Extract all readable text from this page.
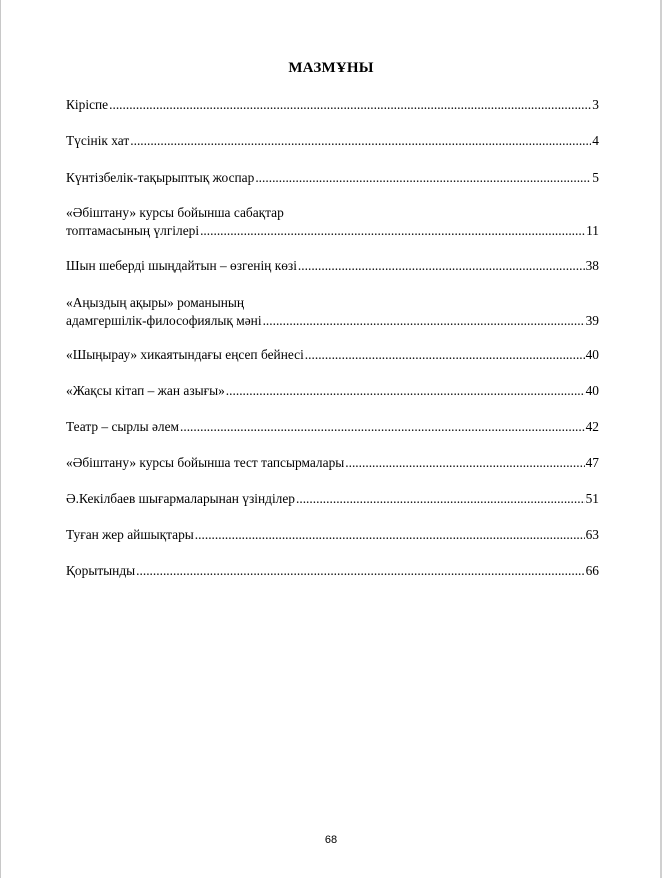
МАЗМҰНЫ
Кіріспе .....	3
Түсінік хат .....	4
Күнтізбелік-тақырыптық жоспар .....	5
«Әбіштану» курсы бойынша сабақтар
топтамасының үлгілері .....	11
Шын шеберді шыңдайтын – өзгенің көзі .....	38
«Аңыздың ақыры» романының
адамгершілік-философиялық мәні .....	39
«Шыңырау» хикаятындағы еңсеп бейнесі .....	40
«Жақсы кітап – жан азығы» .....	40
Театр – сырлы әлем .....	42
«Әбіштану» курсы бойынша тест тапсырмалары .....	47
Ә.Кекілбаев шығармаларынан үзінділер .....	51
Туған жер айшықтары .....	63
Қорытынды .....	66
68
